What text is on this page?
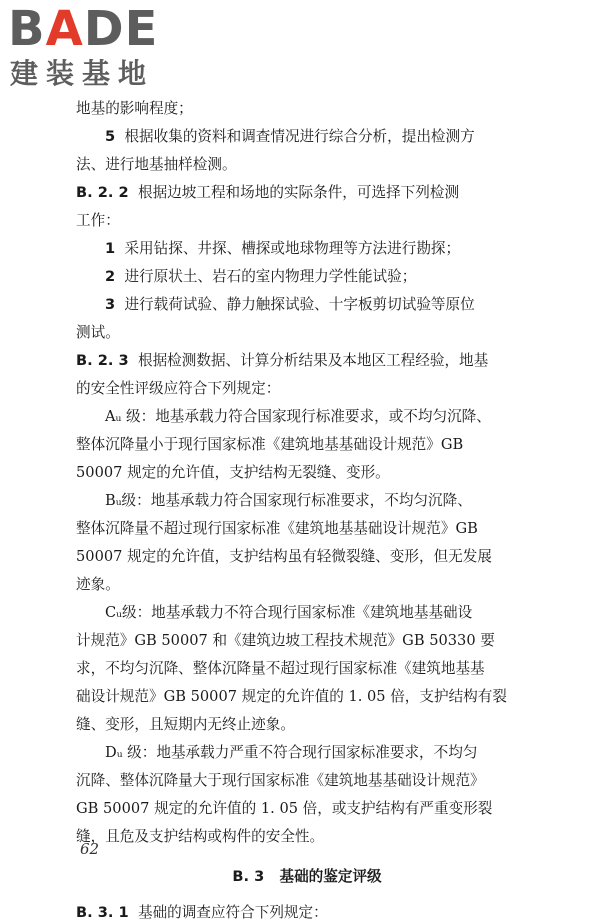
BADE
建装基地
地基的影响程度；
5 根据收集的资料和调查情况进行综合分析，提出检测方
法、进行地基抽样检测。
B. 2. 2 根据边坡工程和场地的实际条件，可选择下列检测
工作：
1 采用钻探、井探、槽探或地球物理等方法进行勘探；
2 进行原状土、岩石的室内物理力学性能试验；
3 进行载荷试验、静力触探试验、十字板剪切试验等原位
测试。
B. 2. 3 根据检测数据、计算分析结果及本地区工程经验，地基
的安全性评级应符合下列规定：
Aᵤ 级：地基承载力符合国家现行标准要求，或不均匀沉降、
整体沉降量小于现行国家标准《建筑地基基础设计规范》GB
50007 规定的允许值，支护结构无裂缝、变形。
Bᵤ级：地基承载力符合国家现行标准要求，不均匀沉降、
整体沉降量不超过现行国家标准《建筑地基基础设计规范》GB
50007 规定的允许值，支护结构虽有轻微裂缝、变形，但无发展
迹象。
Cᵤ级：地基承载力不符合现行国家标准《建筑地基基础设
计规范》GB 50007 和《建筑边坡工程技术规范》GB 50330 要
求，不均匀沉降、整体沉降量不超过现行国家标准《建筑地基基
础设计规范》GB 50007 规定的允许值的 1. 05 倍，支护结构有裂
缝、变形，且短期内无终止迹象。
Dᵤ 级：地基承载力严重不符合现行国家标准要求，不均匀
沉降、整体沉降量大于现行国家标准《建筑地基基础设计规范》
GB 50007 规定的允许值的 1. 05 倍，或支护结构有严重变形裂
缝，且危及支护结构或构件的安全性。
B. 3 基础的鉴定评级
B. 3. 1 基础的调查应符合下列规定：
62
